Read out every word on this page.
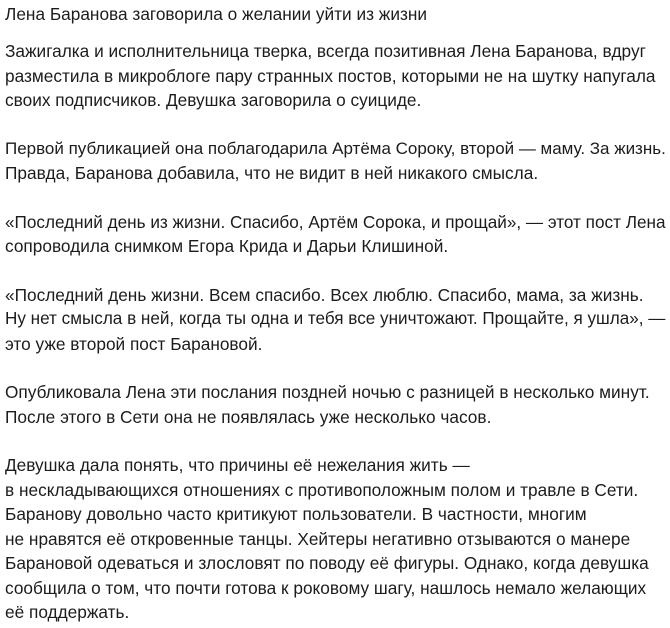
Лена Баранова заговорила о желании уйти из жизни

Зажигалка и исполнительница тверка, всегда позитивная Лена Баранова, вдруг
разместила в микроблоге пару странных постов, которыми не на шутку напугала
своих подписчиков. Девушка заговорила о суициде.

Первой публикацией она поблагодарила Артёма Сороку, второй — маму. За жизнь.
Правда, Баранова добавила, что не видит в ней никакого смысла.

«Последний день из жизни. Спасибо, Артём Сорока, и прощай», — этот пост Лена
сопроводила снимком Егора Крида и Дарьи Клишиной.

«Последний день жизни. Всем спасибо. Всех люблю. Спасибо, мама, за жизнь.
Ну нет смысла в ней, когда ты одна и тебя все уничтожают. Прощайте, я ушла», —
это уже второй пост Барановой.

Опубликовала Лена эти послания поздней ночью с разницей в несколько минут.
После этого в Сети она не появлялась уже несколько часов.

Девушка дала понять, что причины её нежелания жить —
в нескладывающихся отношениях с противоположным полом и травле в Сети.
Баранову довольно часто критикуют пользователи. В частности, многим
не нравятся её откровенные танцы. Хейтеры негативно отзываются о манере
Барановой одеваться и злословят по поводу её фигуры. Однако, когда девушка
сообщила о том, что почти готова к роковому шагу, нашлось немало желающих
её поддержать.
